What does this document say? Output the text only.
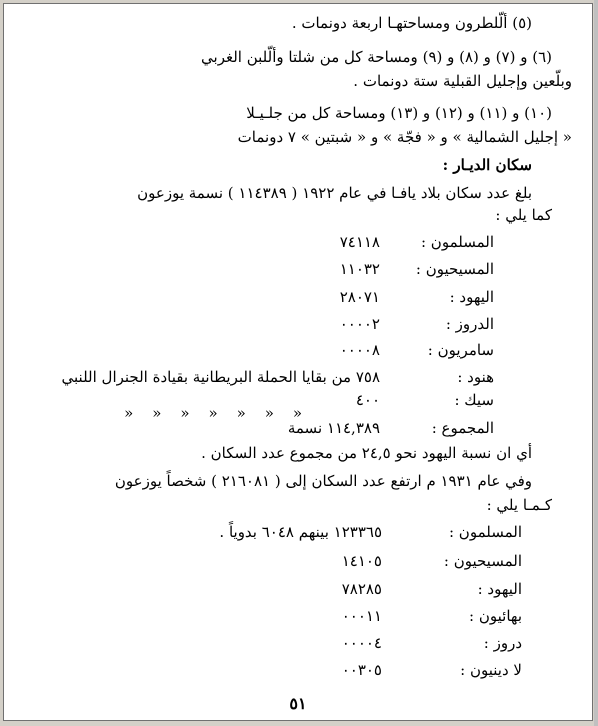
(٥) ألّلطرون ومساحتهـا اربعة دونمات .
(٦) و (٧) و (٨) و (٩) ومساحة كل من شلتا وألّلبن الغربي
وبلّعين وإجليل القبلية ستة دونمات .
(١٠) و (١١) و (١٢) و (١٣) ومساحة كل من جلـيـلا
« إجليل الشمالية » و « فجّة » و « شبتين » ٧ دونمات
سكان الديـار :
بلغ عدد سكان بلاد يافـا في عام ١٩٢٢ ( ١١٤٣٨٩ ) نسمة يوزعون
كما يلي :
المسلمون :
٧٤١١٨
المسيحيون :
١١٠٣٢
اليهود :
٢٨٠٧١
الدروز :
٠٠٠٠٢
سامريون :
٠٠٠٠٨
هنود :
٧٥٨ من بقايا الحملة البريطانية بقيادة الجنرال اللنبي
سيك :
٤٠٠
«
«
«
«
«
«
«
المجموع :
١١٤,٣٨٩ نسمة
أي ان نسبة اليهود نحو ٢٤,٥ من مجموع عدد السكان .
وفي عام ١٩٣١ م ارتفع عدد السكان إلى ( ٢١٦٠٨١ ) شخصاً يوزعون
كـمـا يلي :
المسلمون :
١٢٣٣٦٥ بينهم ٦٠٤٨ بدوياً .
المسيحيون :
١٤١٠٥
اليهود :
٧٨٢٨٥
بهائيون :
٠٠٠١١
دروز :
٠٠٠٠٤
لا دينيون :
٠٠٣٠٥
٥١
